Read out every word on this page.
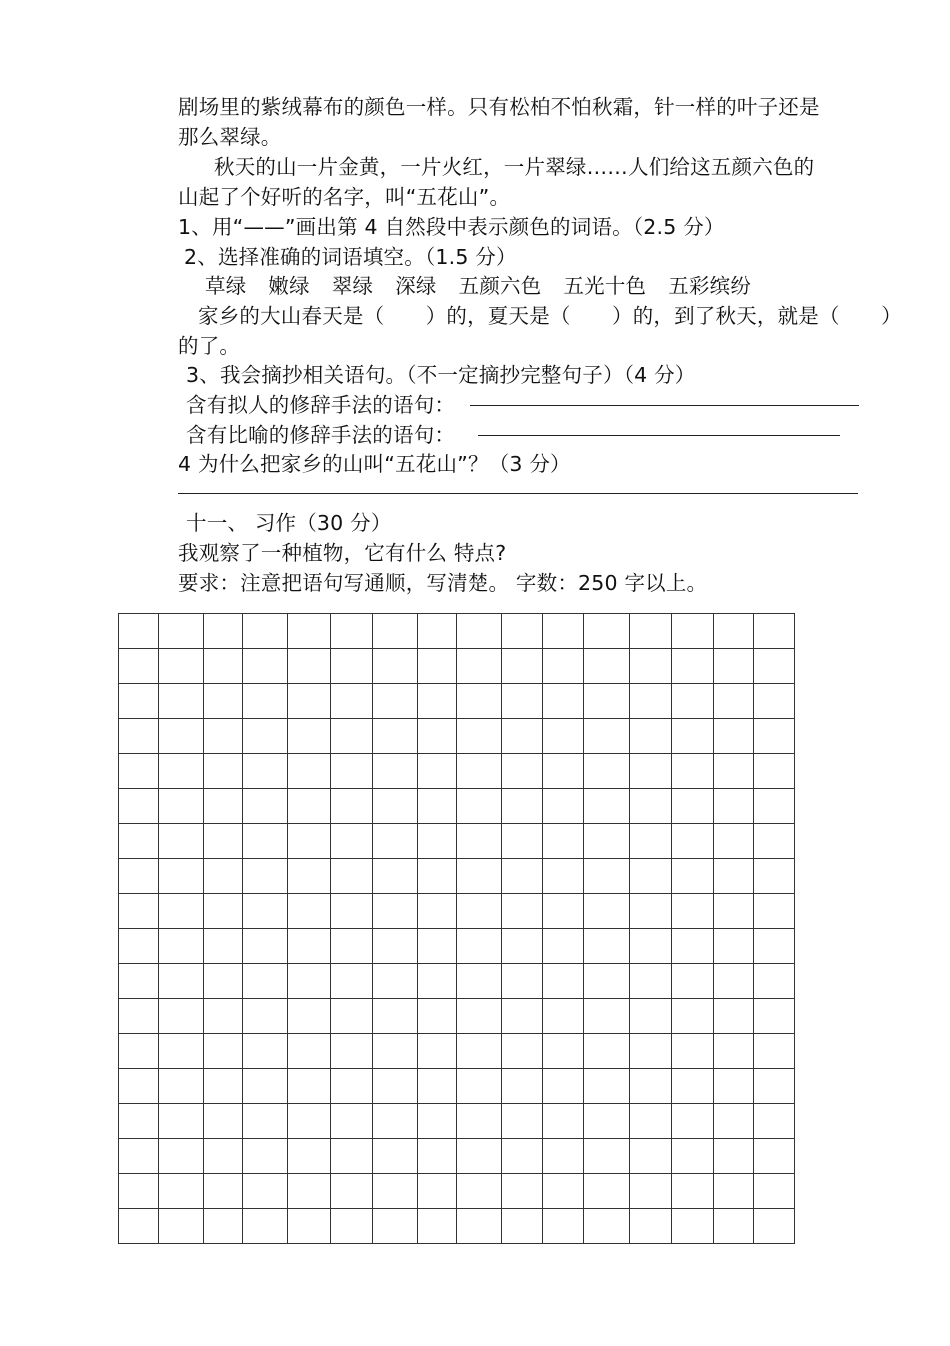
剧场里的紫绒幕布的颜色一样。只有松柏不怕秋霜，针一样的叶子还是
那么翠绿。
秋天的山一片金黄，一片火红，一片翠绿……人们给这五颜六色的
山起了个好听的名字，叫“五花山”。
1、用“——”画出第 4 自然段中表示颜色的词语。（2.5 分）
2、选择准确的词语填空。（1.5 分）
草绿 嫩绿 翠绿 深绿 五颜六色 五光十色 五彩缤纷
家乡的大山春天是（　　）的，夏天是（　　）的，到了秋天，就是（　　）
的了。
3、我会摘抄相关语句。（不一定摘抄完整句子）（4 分）
含有拟人的修辞手法的语句：
含有比喻的修辞手法的语句：
4 为什么把家乡的山叫“五花山”？（3 分）
十一、 习作（30 分）
我观察了一种植物，它有什么 特点?
要求：注意把语句写通顺，写清楚。 字数：250 字以上。
